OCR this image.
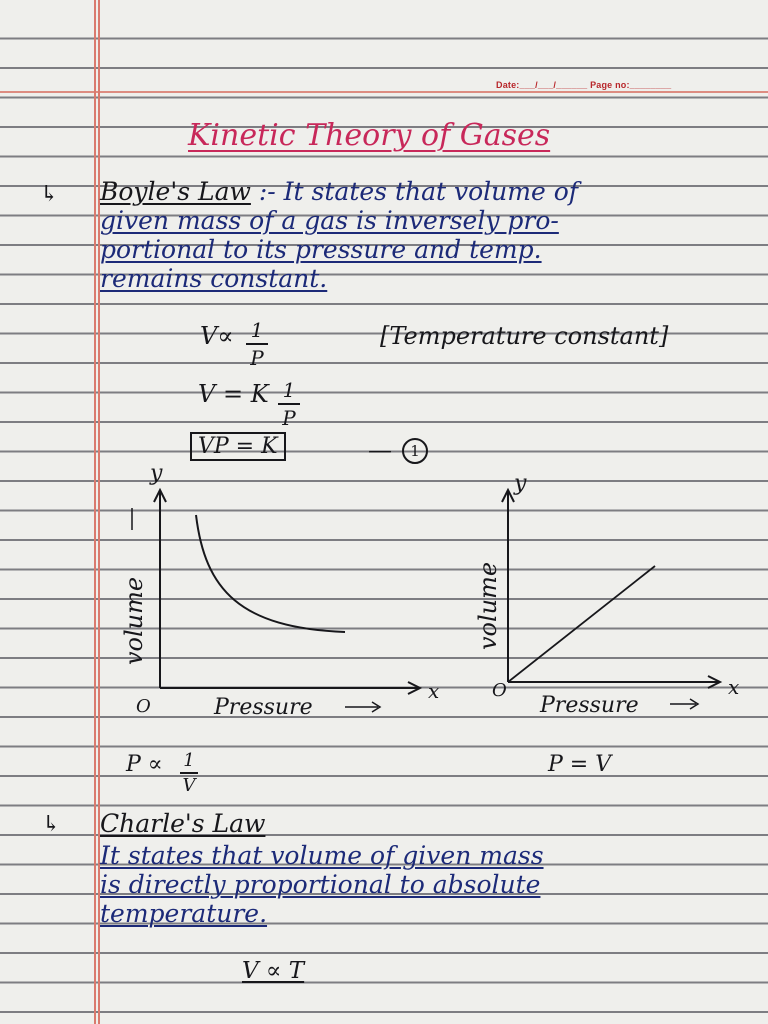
Date:___/___/______ Page no:________
Kinetic Theory of Gases
↳ Boyle's Law :- It states that volume of
given mass of a gas is inversely pro-
portional to its pressure and temp.
remains constant.
V∝ 1
P
[Temperature constant]
V = K 1
P
VP = K	—	1
y
x
O
volume
Pressure
y
x
O
volume
Pressure
P ∝ 1
V
P = V
↳ Charle's Law
It states that volume of given mass
is directly proportional to absolute
temperature.
V ∝ T
